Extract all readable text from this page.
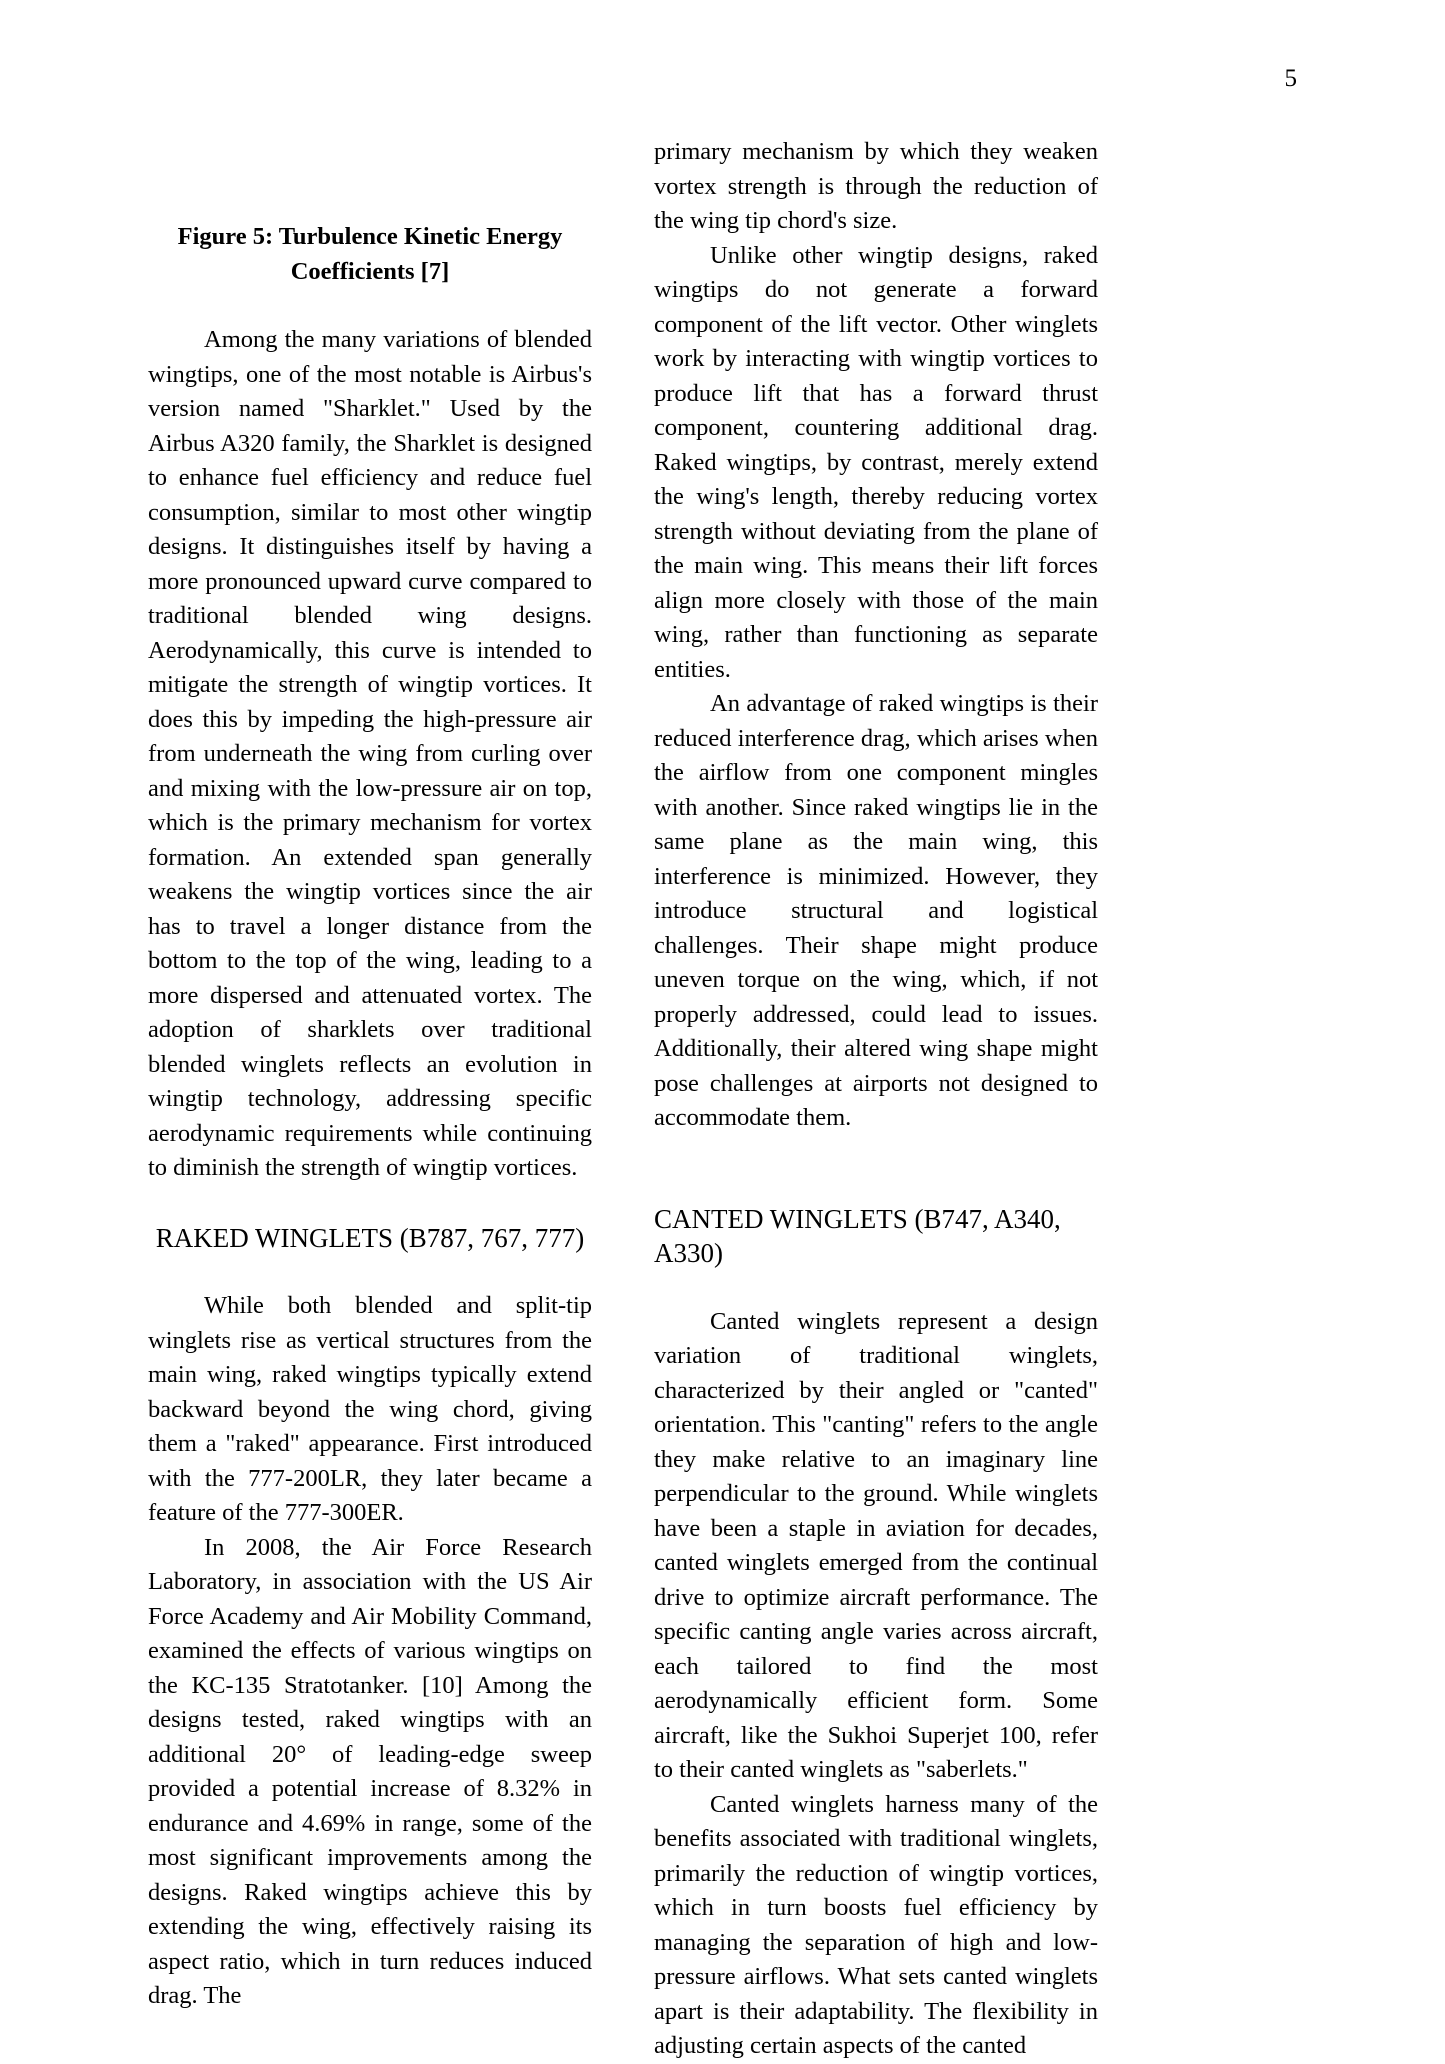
5

Figure 5: Turbulence Kinetic Energy Coefficients [7]

Among the many variations of blended wingtips, one of the most notable is Airbus's version named "Sharklet." Used by the Airbus A320 family, the Sharklet is designed to enhance fuel efficiency and reduce fuel consumption, similar to most other wingtip designs. It distinguishes itself by having a more pronounced upward curve compared to traditional blended wing designs. Aerodynamically, this curve is intended to mitigate the strength of wingtip vortices. It does this by impeding the high-pressure air from underneath the wing from curling over and mixing with the low-pressure air on top, which is the primary mechanism for vortex formation. An extended span generally weakens the wingtip vortices since the air has to travel a longer distance from the bottom to the top of the wing, leading to a more dispersed and attenuated vortex. The adoption of sharklets over traditional blended winglets reflects an evolution in wingtip technology, addressing specific aerodynamic requirements while continuing to diminish the strength of wingtip vortices.

RAKED WINGLETS (B787, 767, 777)

While both blended and split-tip winglets rise as vertical structures from the main wing, raked wingtips typically extend backward beyond the wing chord, giving them a "raked" appearance. First introduced with the 777-200LR, they later became a feature of the 777-300ER.

In 2008, the Air Force Research Laboratory, in association with the US Air Force Academy and Air Mobility Command, examined the effects of various wingtips on the KC-135 Stratotanker. [10] Among the designs tested, raked wingtips with an additional 20° of leading-edge sweep provided a potential increase of 8.32% in endurance and 4.69% in range, some of the most significant improvements among the designs. Raked wingtips achieve this by extending the wing, effectively raising its aspect ratio, which in turn reduces induced drag. The

primary mechanism by which they weaken vortex strength is through the reduction of the wing tip chord's size.

Unlike other wingtip designs, raked wingtips do not generate a forward component of the lift vector. Other winglets work by interacting with wingtip vortices to produce lift that has a forward thrust component, countering additional drag. Raked wingtips, by contrast, merely extend the wing's length, thereby reducing vortex strength without deviating from the plane of the main wing. This means their lift forces align more closely with those of the main wing, rather than functioning as separate entities.

An advantage of raked wingtips is their reduced interference drag, which arises when the airflow from one component mingles with another. Since raked wingtips lie in the same plane as the main wing, this interference is minimized. However, they introduce structural and logistical challenges. Their shape might produce uneven torque on the wing, which, if not properly addressed, could lead to issues. Additionally, their altered wing shape might pose challenges at airports not designed to accommodate them.

CANTED WINGLETS (B747, A340, A330)

Canted winglets represent a design variation of traditional winglets, characterized by their angled or "canted" orientation. This "canting" refers to the angle they make relative to an imaginary line perpendicular to the ground. While winglets have been a staple in aviation for decades, canted winglets emerged from the continual drive to optimize aircraft performance. The specific canting angle varies across aircraft, each tailored to find the most aerodynamically efficient form. Some aircraft, like the Sukhoi Superjet 100, refer to their canted winglets as "saberlets."

Canted winglets harness many of the benefits associated with traditional winglets, primarily the reduction of wingtip vortices, which in turn boosts fuel efficiency by managing the separation of high and low-pressure airflows. What sets canted winglets apart is their adaptability. The flexibility in adjusting certain aspects of the canted
